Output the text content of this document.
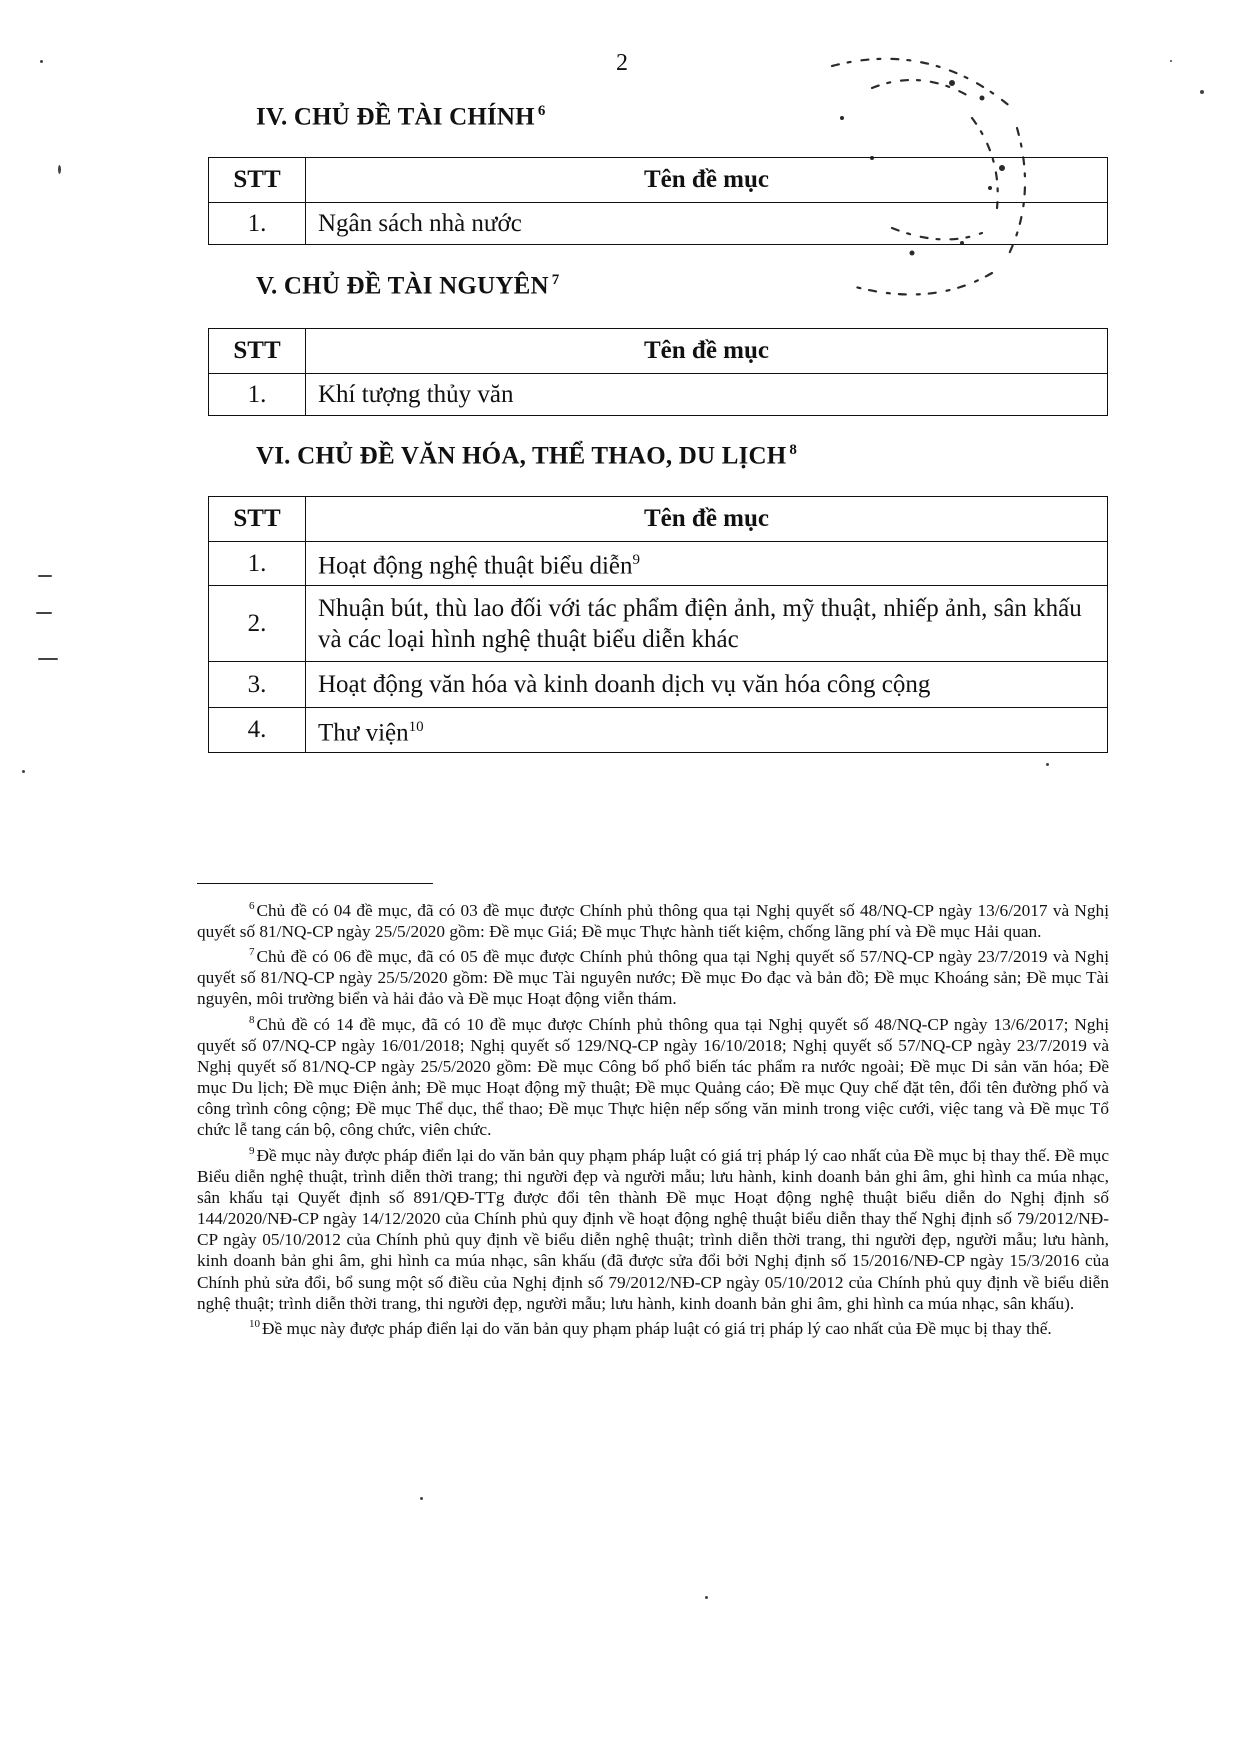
2
IV. CHỦ ĐỀ TÀI CHÍNH $^6$
STT	Tên đề mục
1.	Ngân sách nhà nước
V. CHỦ ĐỀ TÀI NGUYÊN $^7$
STT	Tên đề mục
1.	Khí tượng thủy văn
VI. CHỦ ĐỀ VĂN HÓA, THỂ THAO, DU LỊCH $^8$
STT	Tên đề mục
1.	Hoạt động nghệ thuật biểu diễn$^9$
2.	Nhuận bút, thù lao đối với tác phẩm điện ảnh, mỹ thuật, nhiếp ảnh, sân khấu và các loại hình nghệ thuật biểu diễn khác
3.	Hoạt động văn hóa và kinh doanh dịch vụ văn hóa công cộng
4.	Thư viện$^{10}$

$^6$ Chủ đề có 04 đề mục, đã có 03 đề mục được Chính phủ thông qua tại Nghị quyết số 48/NQ-CP ngày 13/6/2017 và Nghị quyết số 81/NQ-CP ngày 25/5/2020 gồm: Đề mục Giá; Đề mục Thực hành tiết kiệm, chống lãng phí và Đề mục Hải quan.

$^7$ Chủ đề có 06 đề mục, đã có 05 đề mục được Chính phủ thông qua tại Nghị quyết số 57/NQ-CP ngày 23/7/2019 và Nghị quyết số 81/NQ-CP ngày 25/5/2020 gồm: Đề mục Tài nguyên nước; Đề mục Đo đạc và bản đồ; Đề mục Khoáng sản; Đề mục Tài nguyên, môi trường biển và hải đảo và Đề mục Hoạt động viễn thám.

$^8$ Chủ đề có 14 đề mục, đã có 10 đề mục được Chính phủ thông qua tại Nghị quyết số 48/NQ-CP ngày 13/6/2017; Nghị quyết số 07/NQ-CP ngày 16/01/2018; Nghị quyết số 129/NQ-CP ngày 16/10/2018; Nghị quyết số 57/NQ-CP ngày 23/7/2019 và Nghị quyết số 81/NQ-CP ngày 25/5/2020 gồm: Đề mục Công bố phổ biến tác phẩm ra nước ngoài; Đề mục Di sản văn hóa; Đề mục Du lịch; Đề mục Điện ảnh; Đề mục Hoạt động mỹ thuật; Đề mục Quảng cáo; Đề mục Quy chế đặt tên, đổi tên đường phố và công trình công cộng; Đề mục Thể dục, thể thao; Đề mục Thực hiện nếp sống văn minh trong việc cưới, việc tang và Đề mục Tổ chức lễ tang cán bộ, công chức, viên chức.

$^9$ Đề mục này được pháp điển lại do văn bản quy phạm pháp luật có giá trị pháp lý cao nhất của Đề mục bị thay thế. Đề mục Biểu diễn nghệ thuật, trình diễn thời trang; thi người đẹp và người mẫu; lưu hành, kinh doanh bản ghi âm, ghi hình ca múa nhạc, sân khấu tại Quyết định số 891/QĐ-TTg được đổi tên thành Đề mục Hoạt động nghệ thuật biểu diễn do Nghị định số 144/2020/NĐ-CP ngày 14/12/2020 của Chính phủ quy định về hoạt động nghệ thuật biểu diễn thay thế Nghị định số 79/2012/NĐ-CP ngày 05/10/2012 của Chính phủ quy định về biểu diễn nghệ thuật; trình diễn thời trang, thi người đẹp, người mẫu; lưu hành, kinh doanh bản ghi âm, ghi hình ca múa nhạc, sân khấu (đã được sửa đổi bởi Nghị định số 15/2016/NĐ-CP ngày 15/3/2016 của Chính phủ sửa đổi, bổ sung một số điều của Nghị định số 79/2012/NĐ-CP ngày 05/10/2012 của Chính phủ quy định về biểu diễn nghệ thuật; trình diễn thời trang, thi người đẹp, người mẫu; lưu hành, kinh doanh bản ghi âm, ghi hình ca múa nhạc, sân khấu).

$^{10}$ Đề mục này được pháp điển lại do văn bản quy phạm pháp luật có giá trị pháp lý cao nhất của Đề mục bị thay thế.
